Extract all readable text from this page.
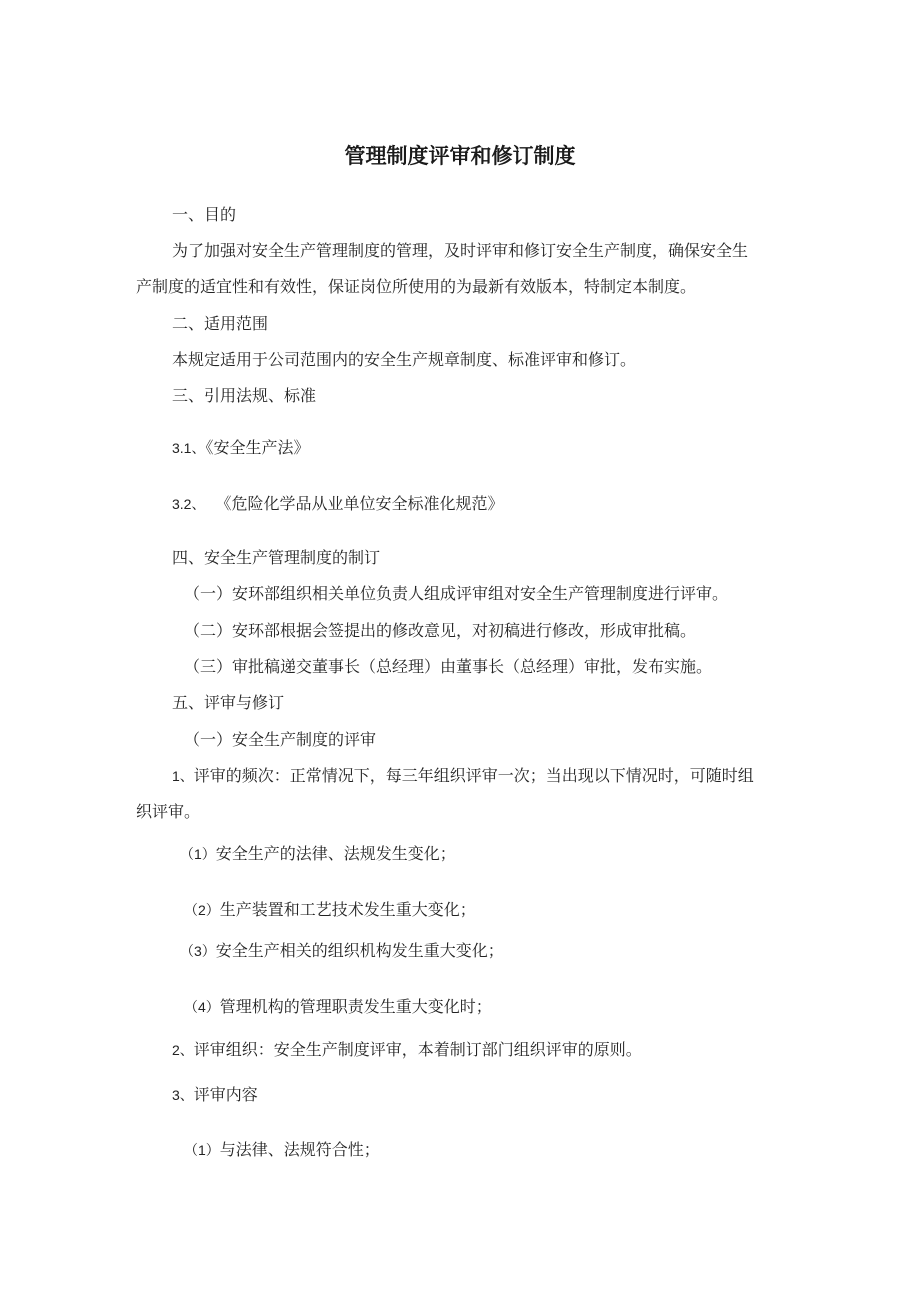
管理制度评审和修订制度

一、目的

为了加强对安全生产管理制度的管理，及时评审和修订安全生产制度，确保安全生

产制度的适宜性和有效性，保证岗位所使用的为最新有效版本，特制定本制度。

二、适用范围

本规定适用于公司范围内的安全生产规章制度、标准评审和修订。

三、引用法规、标准

3.1、《安全生产法》

3.2、 《危险化学品从业单位安全标准化规范》

四、安全生产管理制度的制订

（一）安环部组织相关单位负责人组成评审组对安全生产管理制度进行评审。

（二）安环部根据会签提出的修改意见，对初稿进行修改，形成审批稿。

（三）审批稿递交董事长（总经理）由董事长（总经理）审批，发布实施。

五、评审与修订

（一）安全生产制度的评审

1、评审的频次：正常情况下，每三年组织评审一次；当出现以下情况时，可随时组

织评审。

（1）安全生产的法律、法规发生变化；

（2）生产装置和工艺技术发生重大变化；

（3）安全生产相关的组织机构发生重大变化；

（4）管理机构的管理职责发生重大变化时；

2、评审组织：安全生产制度评审，本着制订部门组织评审的原则。

3、评审内容

（1）与法律、法规符合性；
